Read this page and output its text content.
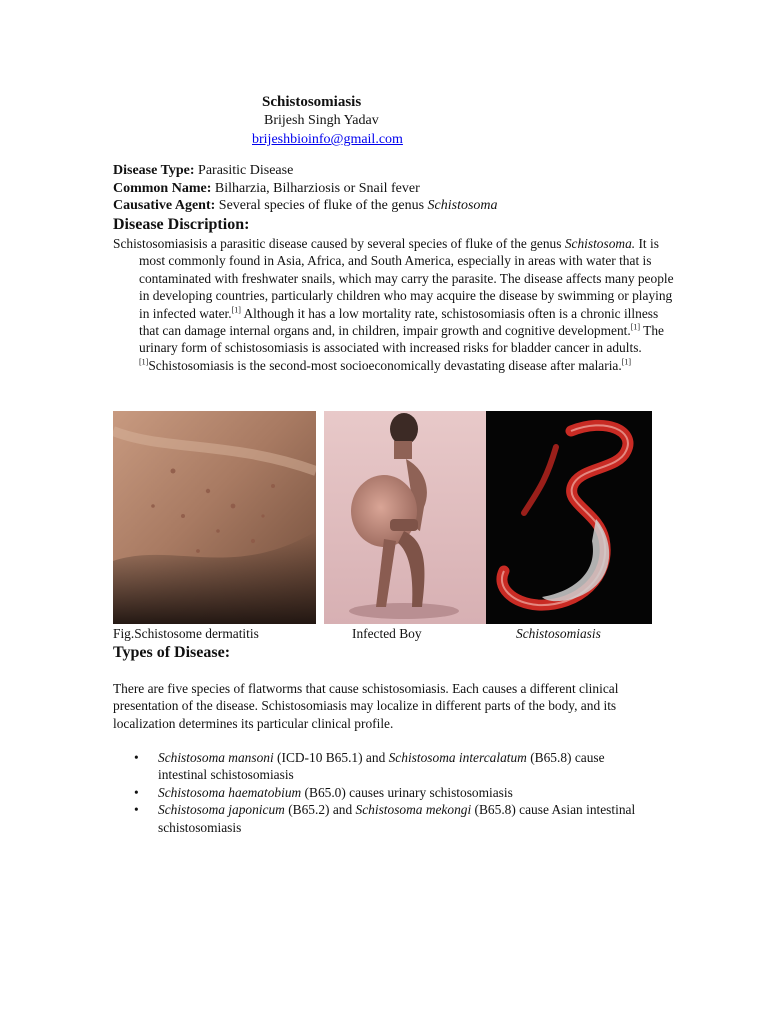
Schistosomiasis

Brijesh Singh Yadav

brijeshbioinfo@gmail.com

Disease Type: Parasitic Disease

Common Name: Bilharzia, Bilharziosis or Snail fever

Causative Agent: Several species of fluke of the genus Schistosoma

Disease Discription:

Schistosomiasisis a parasitic disease caused by several species of fluke of the genus Schistosoma. It is most commonly found in Asia, Africa, and South America, especially in areas with water that is contaminated with freshwater snails, which may carry the parasite. The disease affects many people in developing countries, particularly children who may acquire the disease by swimming or playing in infected water.[1] Although it has a low mortality rate, schistosomiasis often is a chronic illness that can damage internal organs and, in children, impair growth and cognitive development.[1] The urinary form of schistosomiasis is associated with increased risks for bladder cancer in adults.[1]Schistosomiasis is the second-most socioeconomically devastating disease after malaria.[1]

Fig.Schistosome dermatitis	Infected Boy	Schistosomiasis
Types of Disease:

There are five species of flatworms that cause schistosomiasis. Each causes a different clinical presentation of the disease. Schistosomiasis may localize in different parts of the body, and its localization determines its particular clinical profile.

• Schistosoma mansoni (ICD-10 B65.1) and Schistosoma intercalatum (B65.8) cause intestinal schistosomiasis
• Schistosoma haematobium (B65.0) causes urinary schistosomiasis
• Schistosoma japonicum (B65.2) and Schistosoma mekongi (B65.8) cause Asian intestinal schistosomiasis
